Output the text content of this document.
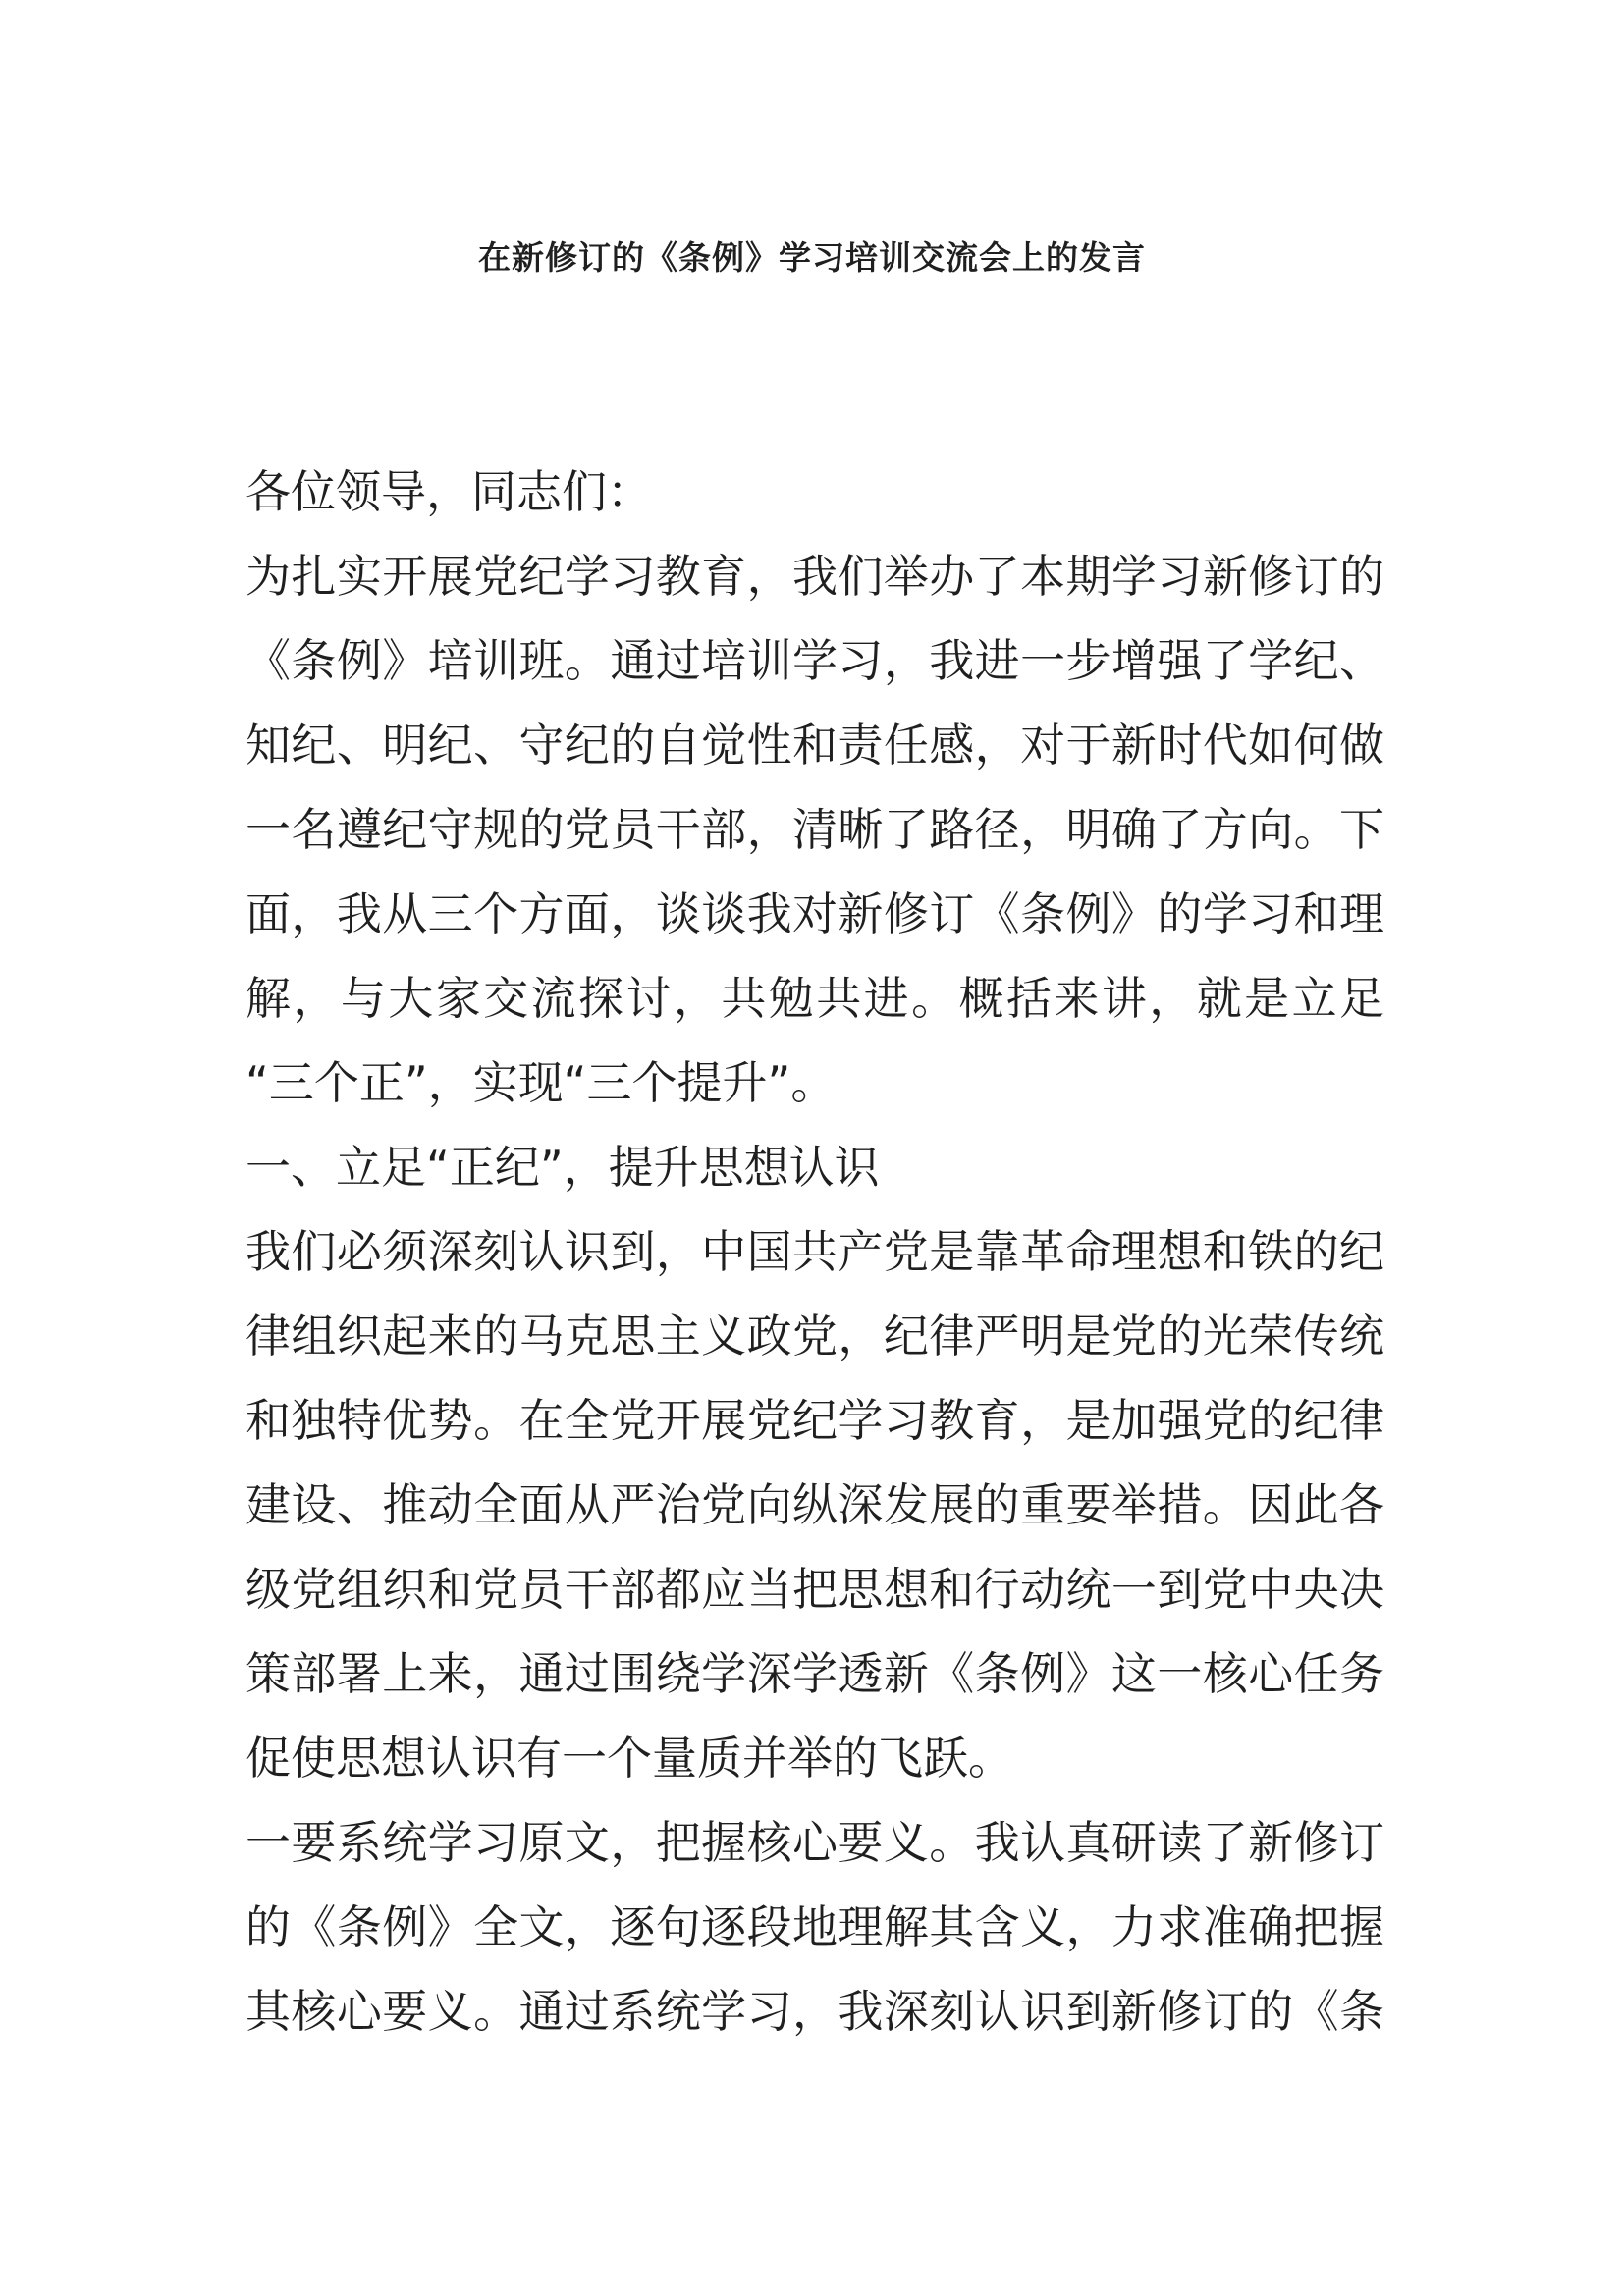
在新修订的《条例》学习培训交流会上的发言
各位领导，同志们：
为扎实开展党纪学习教育，我们举办了本期学习新修订的
《条例》培训班。通过培训学习，我进一步增强了学纪、
知纪、明纪、守纪的自觉性和责任感，对于新时代如何做
一名遵纪守规的党员干部，清晰了路径，明确了方向。下
面，我从三个方面，谈谈我对新修订《条例》的学习和理
解，与大家交流探讨，共勉共进。概括来讲，就是立足
“三个正”，实现“三个提升”。
一、立足“正纪”，提升思想认识
我们必须深刻认识到，中国共产党是靠革命理想和铁的纪
律组织起来的马克思主义政党，纪律严明是党的光荣传统
和独特优势。在全党开展党纪学习教育，是加强党的纪律
建设、推动全面从严治党向纵深发展的重要举措。因此各
级党组织和党员干部都应当把思想和行动统一到党中央决
策部署上来，通过围绕学深学透新《条例》这一核心任务
促使思想认识有一个量质并举的飞跃。
一要系统学习原文，把握核心要义。我认真研读了新修订
的《条例》全文，逐句逐段地理解其含义，力求准确把握
其核心要义。通过系统学习，我深刻认识到新修订的《条
